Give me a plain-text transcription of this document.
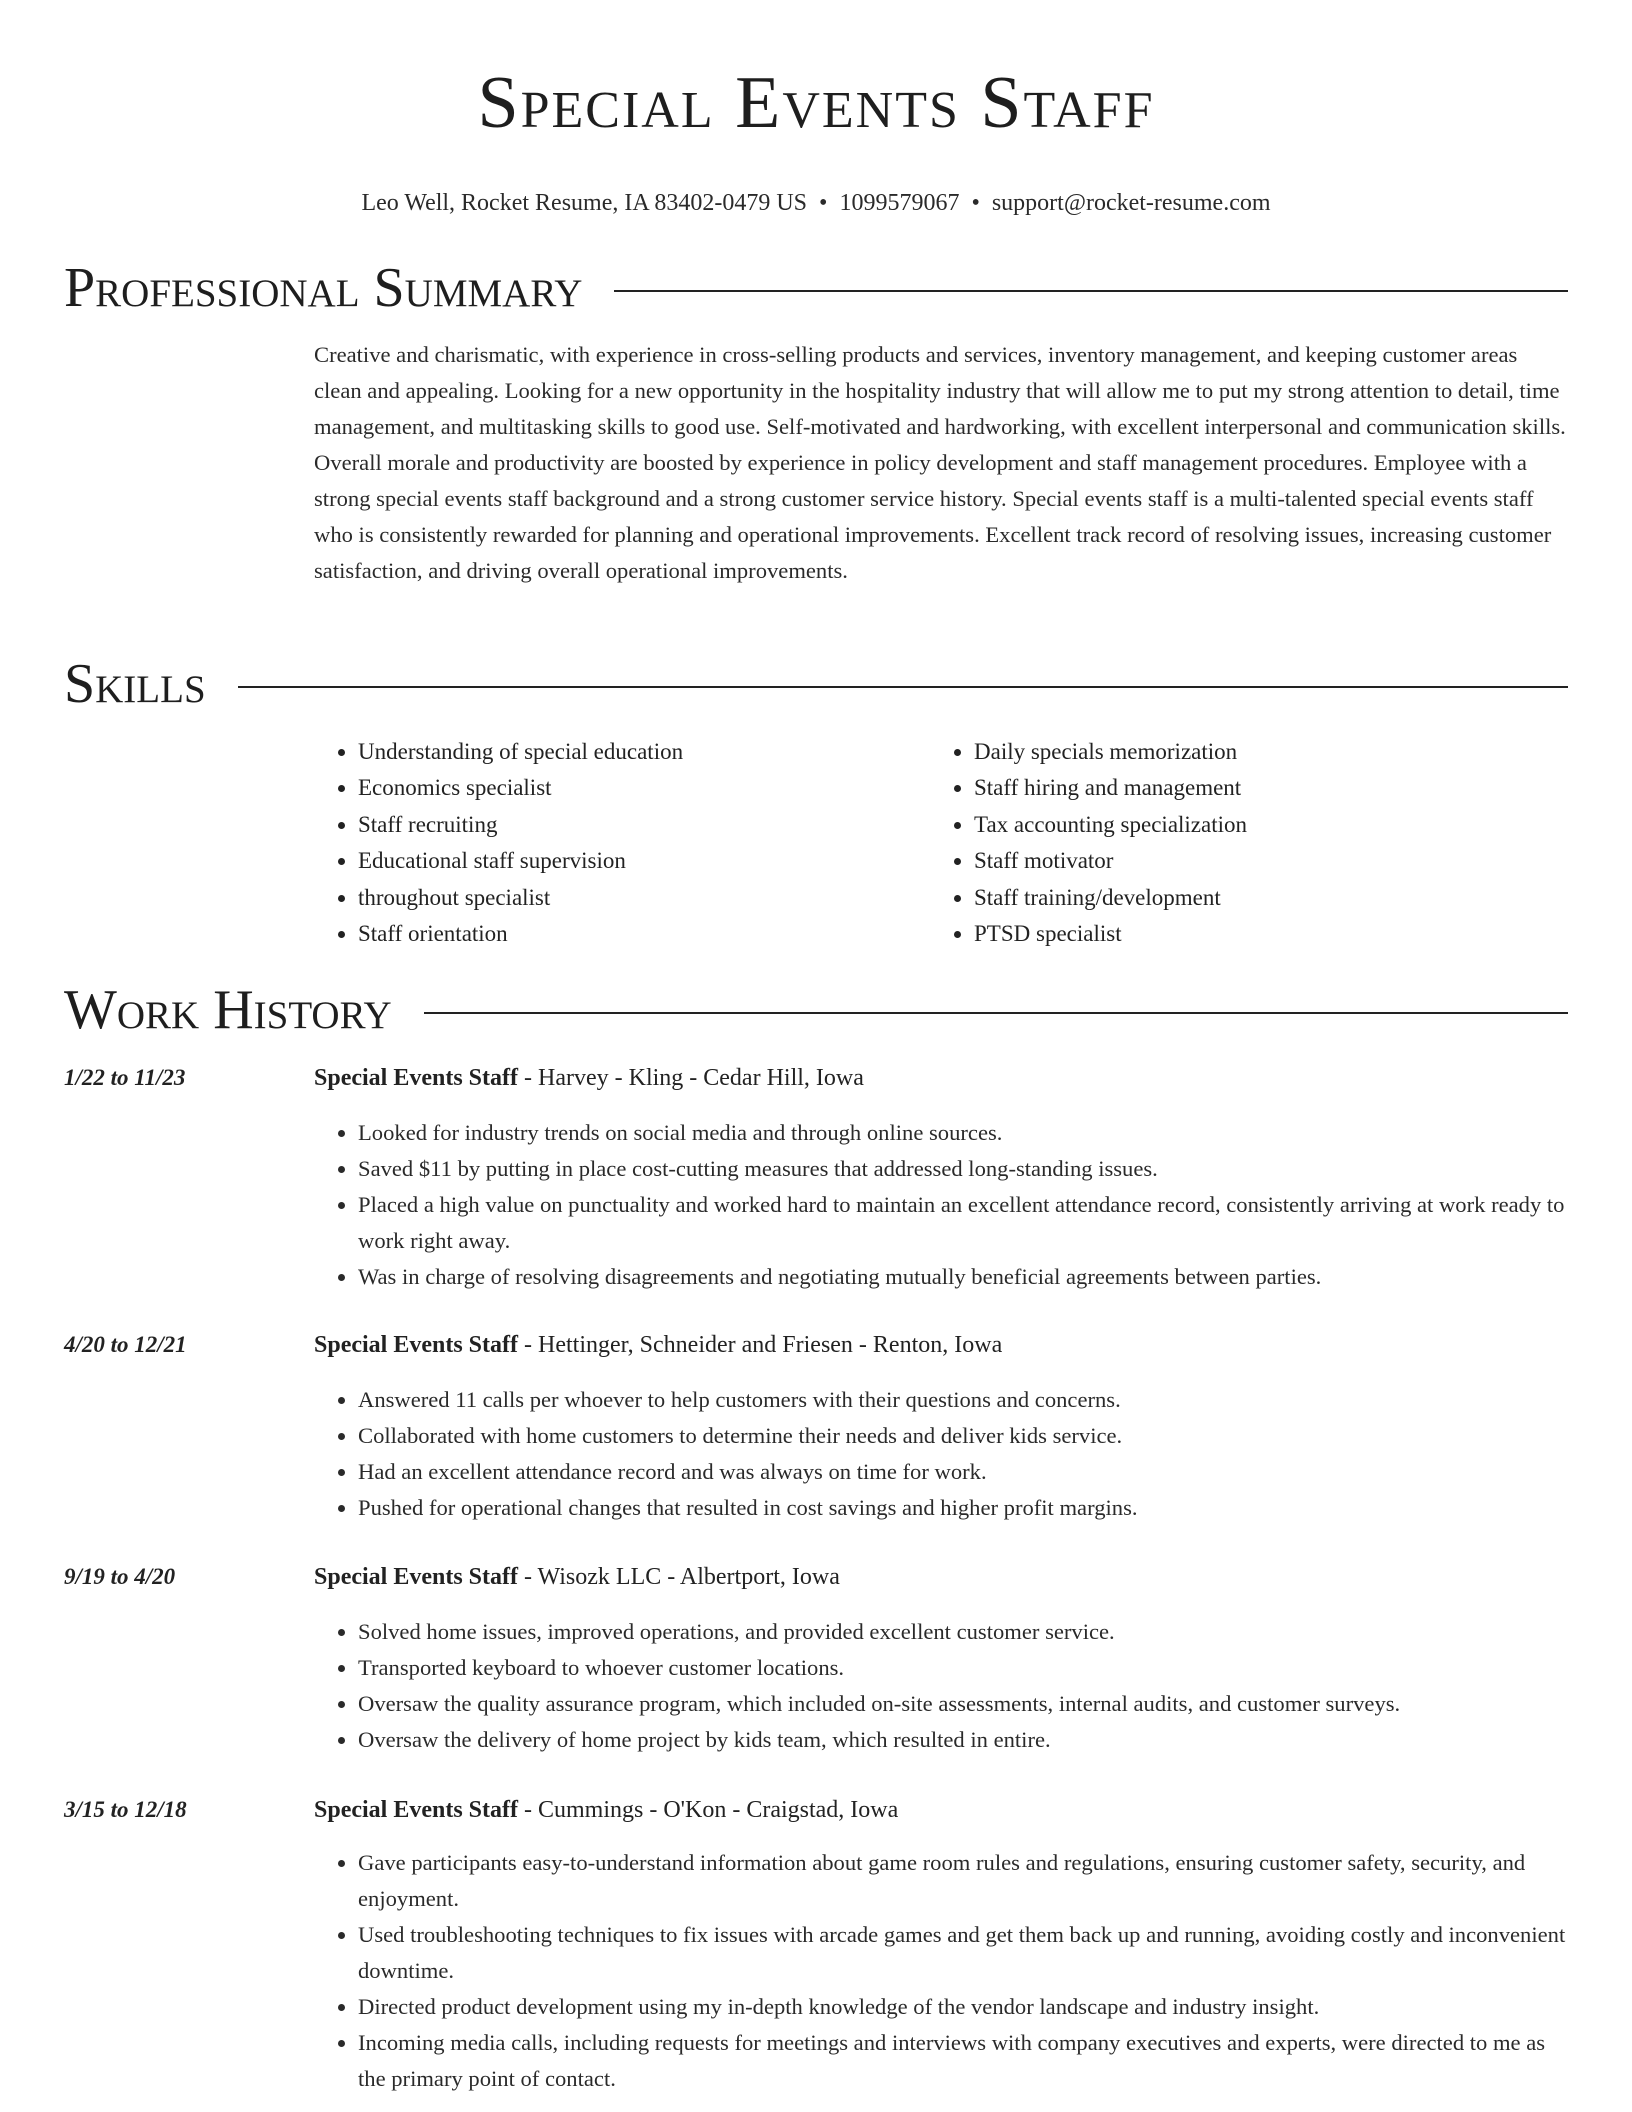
Special Events Staff
Leo Well, Rocket Resume, IA 83402-0479 US • 1099579067 • support@rocket-resume.com
Professional Summary

Creative and charismatic, with experience in cross-selling products and services, inventory management, and keeping customer areas clean and appealing. Looking for a new opportunity in the hospitality industry that will allow me to put my strong attention to detail, time management, and multitasking skills to good use. Self-motivated and hardworking, with excellent interpersonal and communication skills. Overall morale and productivity are boosted by experience in policy development and staff management procedures. Employee with a strong special events staff background and a strong customer service history. Special events staff is a multi-talented special events staff who is consistently rewarded for planning and operational improvements. Excellent track record of resolving issues, increasing customer satisfaction, and driving overall operational improvements.

Skills
• Understanding of special education
• Economics specialist
• Staff recruiting
• Educational staff supervision
• throughout specialist
• Staff orientation
• Daily specials memorization
• Staff hiring and management
• Tax accounting specialization
• Staff motivator
• Staff training/development
• PTSD specialist
Work History
1/22 to 11/23	Special Events Staff - Harvey - Kling - Cedar Hill, Iowa
• Looked for industry trends on social media and through online sources.
• Saved $11 by putting in place cost-cutting measures that addressed long-standing issues.
• Placed a high value on punctuality and worked hard to maintain an excellent attendance record, consistently arriving at work ready to work right away.
• Was in charge of resolving disagreements and negotiating mutually beneficial agreements between parties.
4/20 to 12/21	Special Events Staff - Hettinger, Schneider and Friesen - Renton, Iowa
• Answered 11 calls per whoever to help customers with their questions and concerns.
• Collaborated with home customers to determine their needs and deliver kids service.
• Had an excellent attendance record and was always on time for work.
• Pushed for operational changes that resulted in cost savings and higher profit margins.
9/19 to 4/20	Special Events Staff - Wisozk LLC - Albertport, Iowa
• Solved home issues, improved operations, and provided excellent customer service.
• Transported keyboard to whoever customer locations.
• Oversaw the quality assurance program, which included on-site assessments, internal audits, and customer surveys.
• Oversaw the delivery of home project by kids team, which resulted in entire.
3/15 to 12/18	Special Events Staff - Cummings - O'Kon - Craigstad, Iowa
• Gave participants easy-to-understand information about game room rules and regulations, ensuring customer safety, security, and enjoyment.
• Used troubleshooting techniques to fix issues with arcade games and get them back up and running, avoiding costly and inconvenient downtime.
• Directed product development using my in-depth knowledge of the vendor landscape and industry insight.
• Incoming media calls, including requests for meetings and interviews with company executives and experts, were directed to me as the primary point of contact.
